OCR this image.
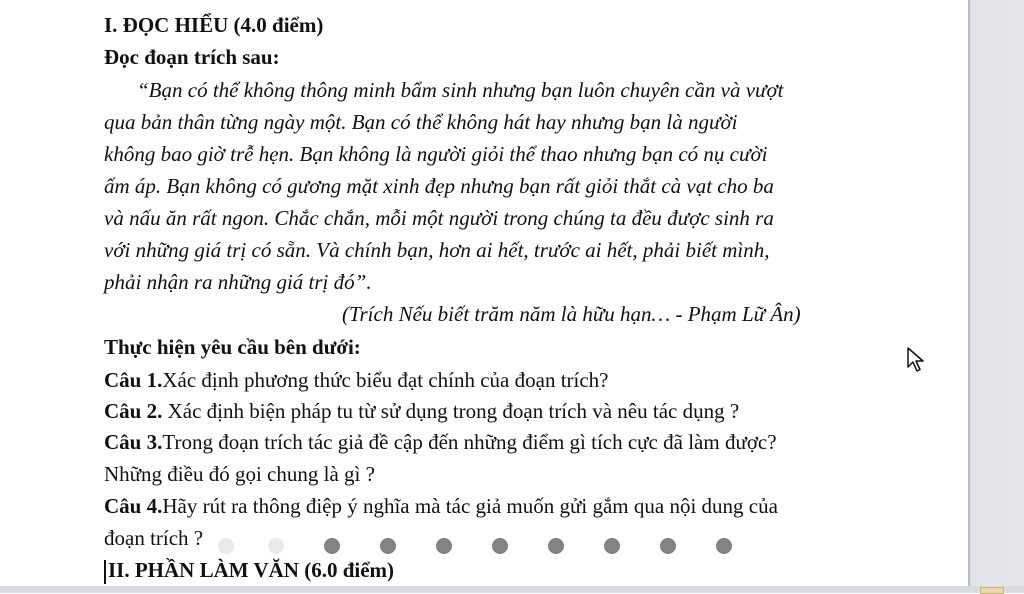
I. ĐỌC HIỂU (4.0 điểm)
Đọc đoạn trích sau:
“Bạn có thể không thông minh bẩm sinh nhưng bạn luôn chuyên cần và vượt
qua bản thân từng ngày một. Bạn có thể không hát hay nhưng bạn là người
không bao giờ trễ hẹn. Bạn không là người giỏi thể thao nhưng bạn có nụ cười
ấm áp. Bạn không có gương mặt xinh đẹp nhưng bạn rất giỏi thắt cà vạt cho ba
và nấu ăn rất ngon. Chắc chắn, mỗi một người trong chúng ta đều được sinh ra
với những giá trị có sẵn. Và chính bạn, hơn ai hết, trước ai hết, phải biết mình,
phải nhận ra những giá trị đó”.
(Trích Nếu biết trăm năm là hữu hạn… - Phạm Lữ Ân)
Thực hiện yêu cầu bên dưới:
Câu 1.Xác định phương thức biểu đạt chính của đoạn trích?
Câu 2. Xác định biện pháp tu từ sử dụng trong đoạn trích và nêu tác dụng ?
Câu 3.Trong đoạn trích tác giả đề cập đến những điểm gì tích cực đã làm được?
Những điều đó gọi chung là gì ?
Câu 4.Hãy rút ra thông điệp ý nghĩa mà tác giả muốn gửi gắm qua nội dung của
đoạn trích ?
II. PHẦN LÀM VĂN (6.0 điểm)
